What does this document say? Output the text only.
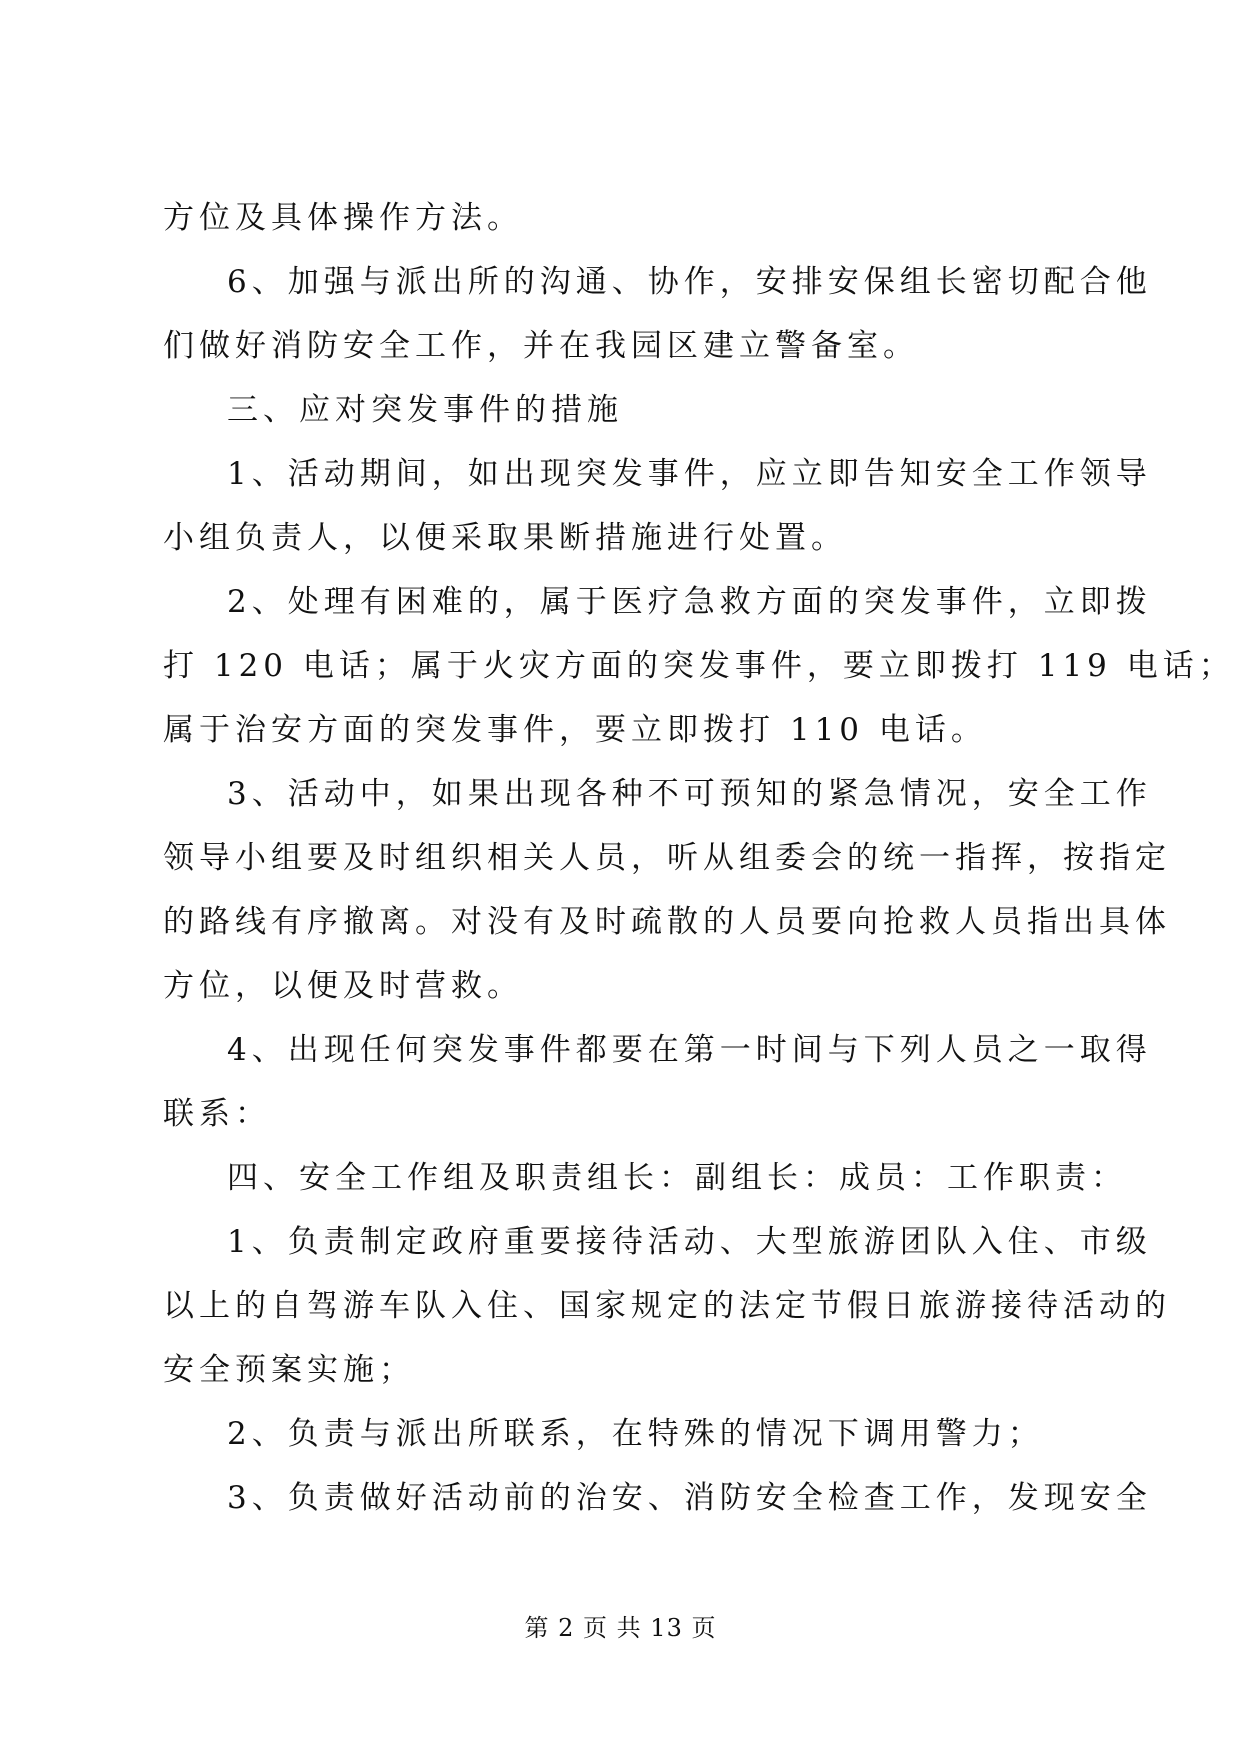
方位及具体操作方法。
6、加强与派出所的沟通、协作，安排安保组长密切配合他
们做好消防安全工作，并在我园区建立警备室。
三、应对突发事件的措施
1、活动期间，如出现突发事件，应立即告知安全工作领导
小组负责人，以便采取果断措施进行处置。
2、处理有困难的，属于医疗急救方面的突发事件，立即拨
打 120 电话；属于火灾方面的突发事件，要立即拨打 119 电话；
属于治安方面的突发事件，要立即拨打 110 电话。
3、活动中，如果出现各种不可预知的紧急情况，安全工作
领导小组要及时组织相关人员，听从组委会的统一指挥，按指定
的路线有序撤离。对没有及时疏散的人员要向抢救人员指出具体
方位，以便及时营救。
4、出现任何突发事件都要在第一时间与下列人员之一取得
联系：
四、安全工作组及职责组长：副组长：成员：工作职责：
1、负责制定政府重要接待活动、大型旅游团队入住、市级
以上的自驾游车队入住、国家规定的法定节假日旅游接待活动的
安全预案实施；
2、负责与派出所联系，在特殊的情况下调用警力；
3、负责做好活动前的治安、消防安全检查工作，发现安全
第 2 页 共 13 页
